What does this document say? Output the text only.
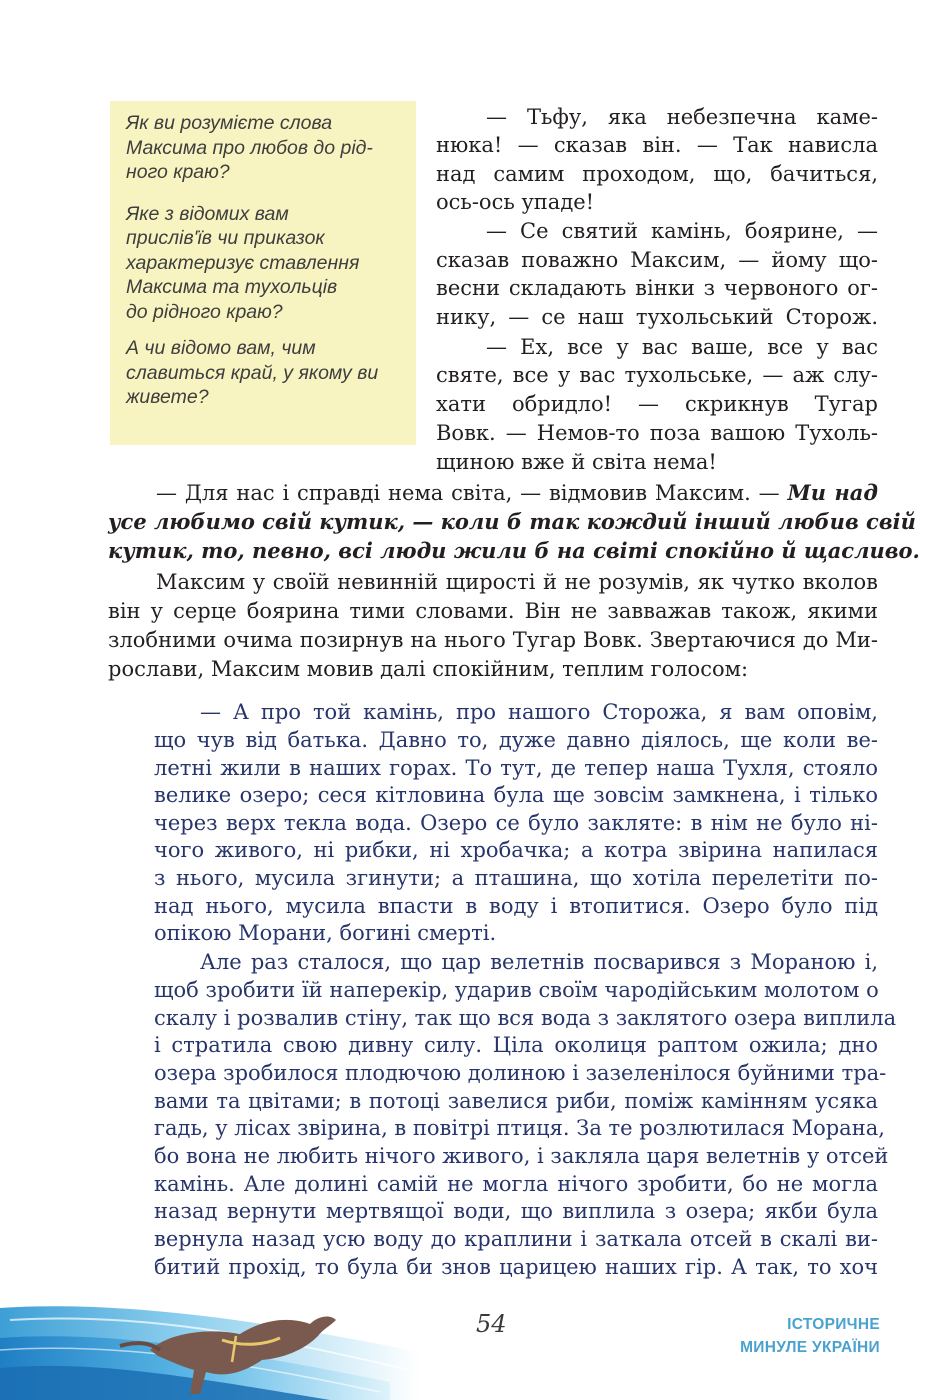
Як ви розумієте слова
Максима про любов до рід-
ного краю?

Яке з відомих вам
прислів'їв чи приказок
характеризує ставлення
Максима та тухольців
до рідного краю?

А чи відомо вам, чим
славиться край, у якому ви
живете?

— Тьфу, яка небезпечна каме-
нюка! — сказав він. — Так нависла
над самим проходом, що, бачиться,
ось-ось упаде!
— Се святий камінь, боярине, —
сказав поважно Максим, — йому що-
весни складають вінки з червоного ог-
нику, — се наш тухольський Сторож.
— Ех, все у вас ваше, все у вас
святе, все у вас тухольське, — аж слу-
хати обридло! — скрикнув Тугар
Вовк. — Немов-то поза вашою Тухоль-
щиною вже й світа нема!
— Для нас і справді нема світа, — відмовив Максим. — Ми над
усе любимо свій кутик, — коли б так кождий інший любив свій
кутик, то, певно, всі люди жили б на світі спокійно й щасливо.
Максим у своїй невинній щирості й не розумів, як чутко вколов
він у серце боярина тими словами. Він не завважав також, якими
злобними очима позирнув на нього Тугар Вовк. Звертаючися до Ми-
рослави, Максим мовив далі спокійним, теплим голосом:
— А про той камінь, про нашого Сторожа, я вам оповім,
що чув від батька. Давно то, дуже давно діялось, ще коли ве-
летні жили в наших горах. То тут, де тепер наша Тухля, стояло
велике озеро; сеся кітловина була ще зовсім замкнена, і тілько
через верх текла вода. Озеро се було закляте: в нім не було ні-
чого живого, ні рибки, ні хробачка; а котра звірина напилася
з нього, мусила згинути; а пташина, що хотіла перелетіти по-
над нього, мусила впасти в воду і втопитися. Озеро було під
опікою Морани, богині смерті.
Але раз сталося, що цар велетнів посварився з Мораною і,
щоб зробити їй наперекір, ударив своїм чародійським молотом о
скалу і розвалив стіну, так що вся вода з заклятого озера виплила
і стратила свою дивну силу. Ціла околиця раптом ожила; дно
озера зробилося плодючою долиною і зазеленілося буйними тра-
вами та цвітами; в потоці завелися риби, поміж камінням усяка
гадь, у лісах звірина, в повітрі птиця. За те розлютилася Морана,
бо вона не любить нічого живого, і закляла царя велетнів у отсей
камінь. Але долині самій не могла нічого зробити, бо не могла
назад вернути мертвящої води, що виплила з озера; якби була
вернула назад усю воду до краплини і заткала отсей в скалі ви-
битий прохід, то була би знов царицею наших гір. А так, то хоч
54	ІСТОРИЧНЕ
МИНУЛЕ УКРАЇНИ
